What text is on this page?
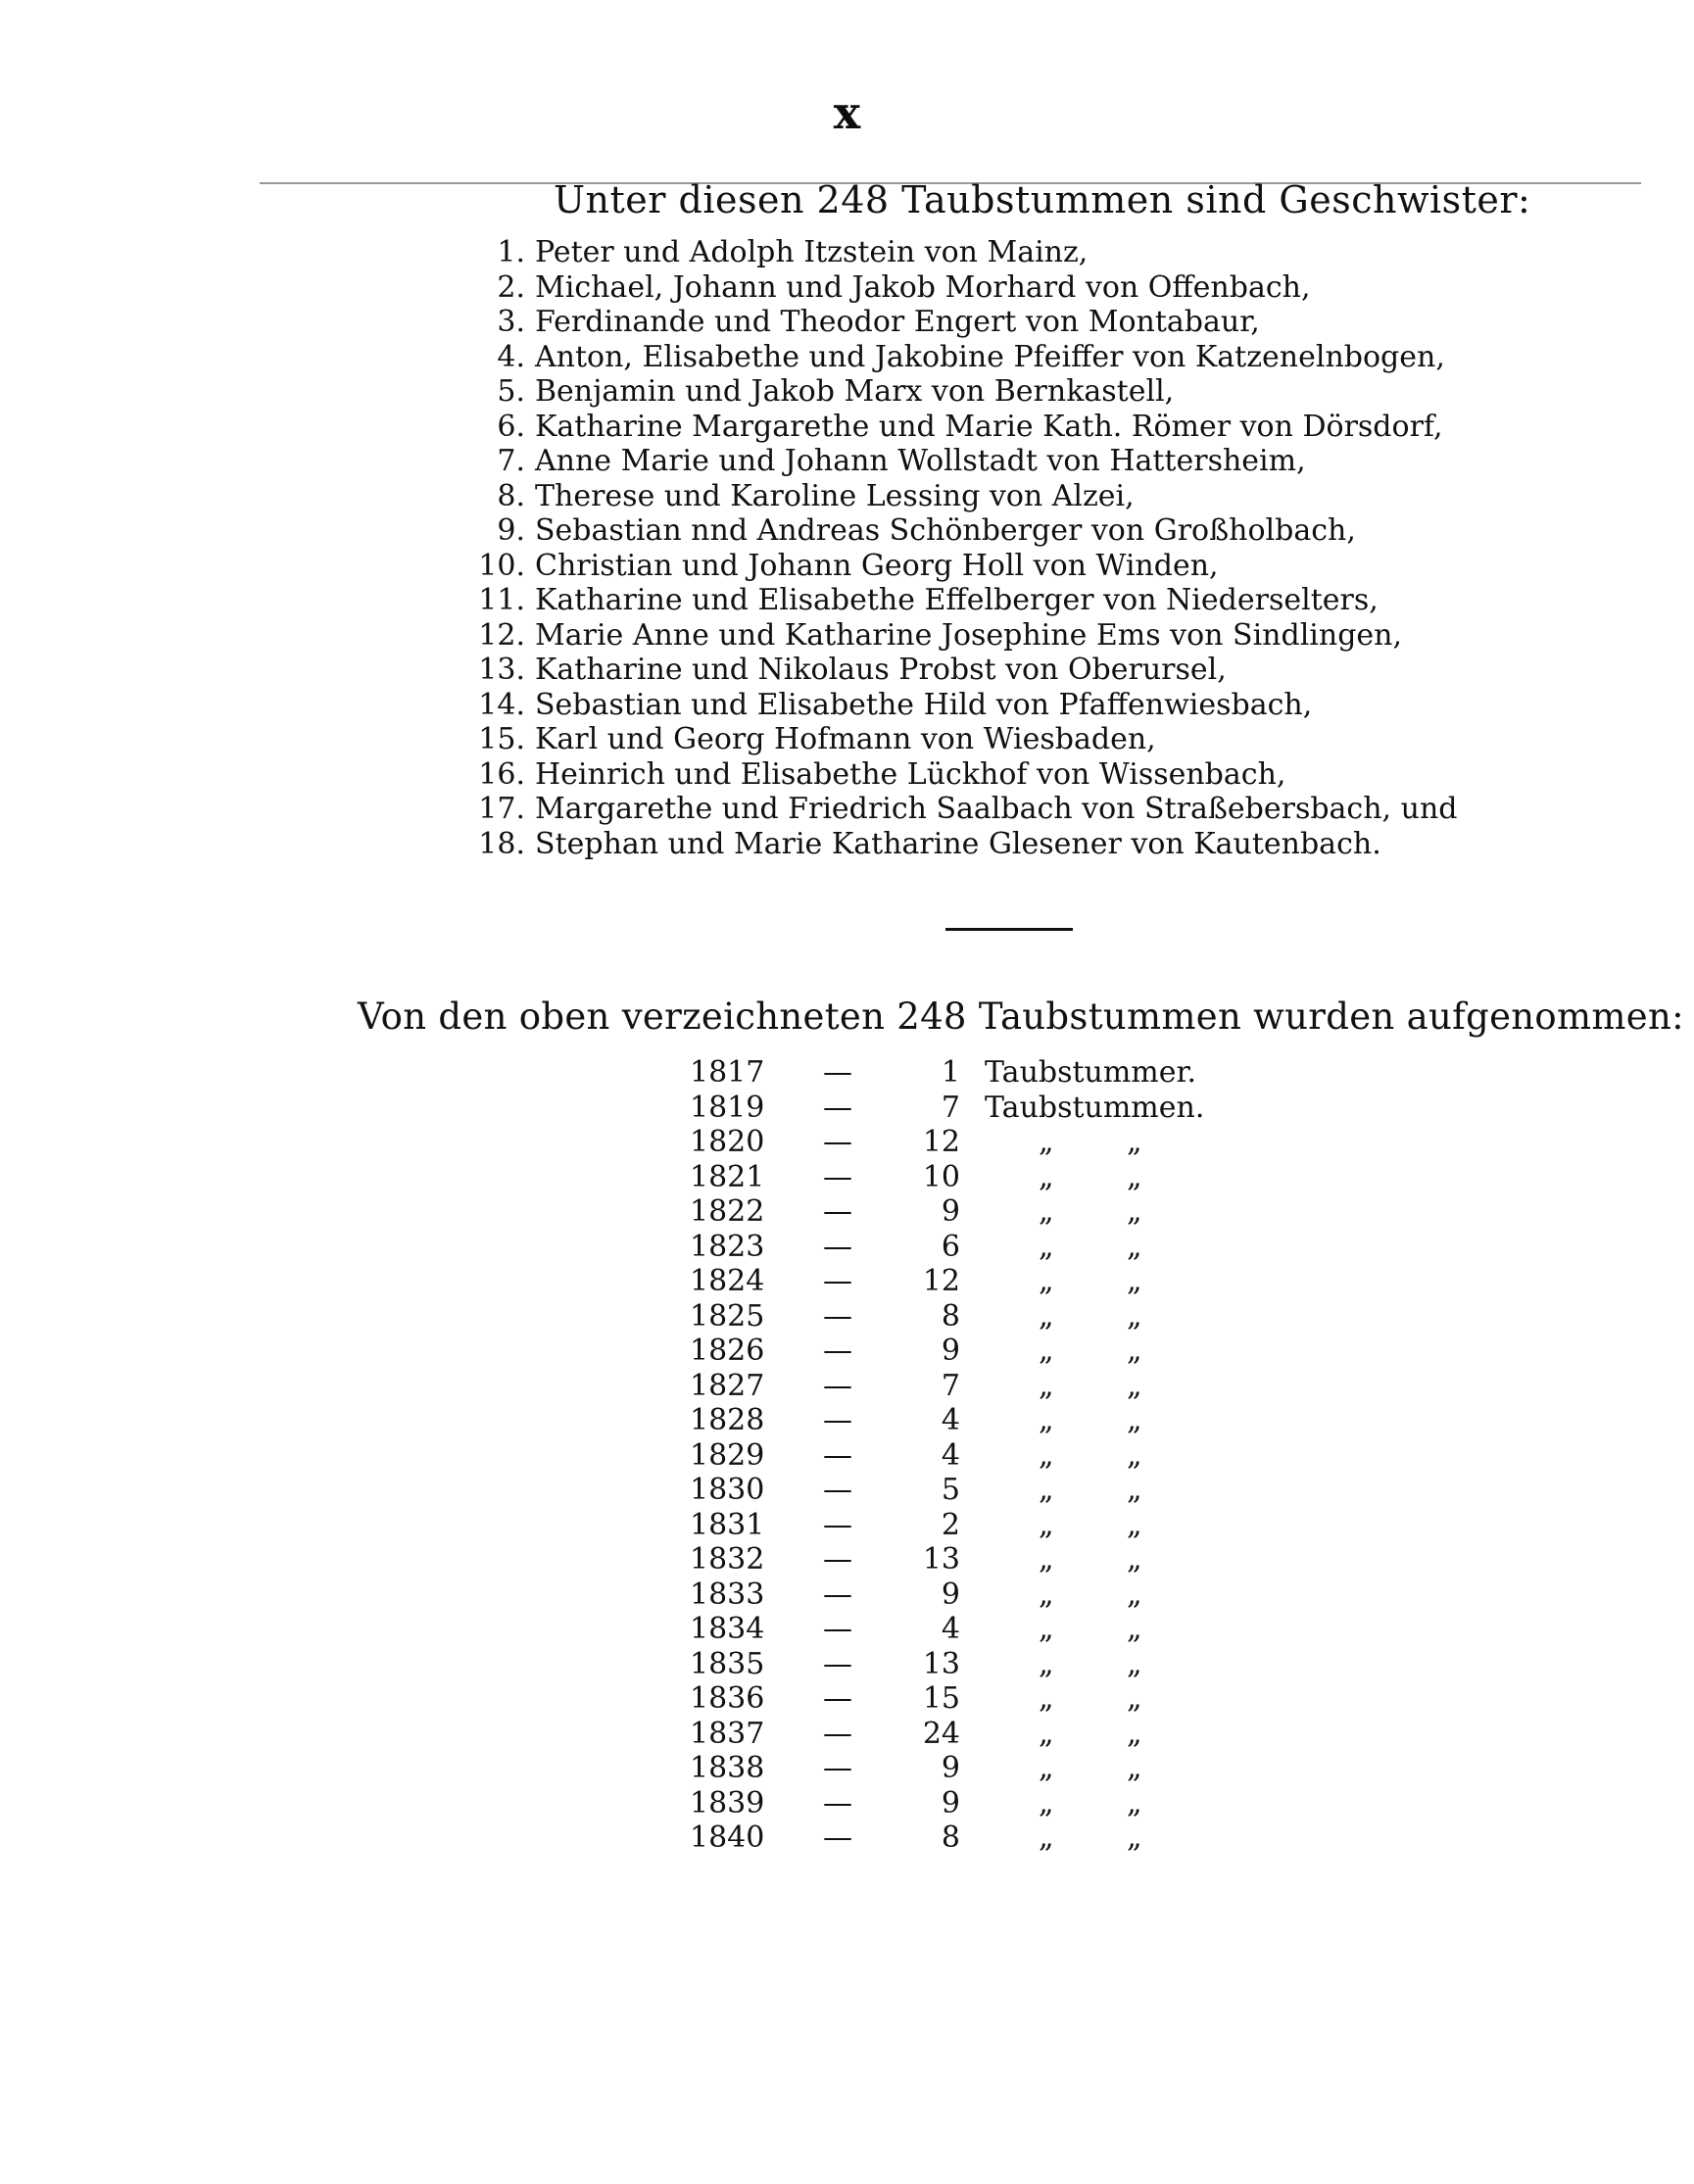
x
Unter diesen 248 Taubstummen sind Geschwister:
1. Peter und Adolph Itzstein von Mainz,
2. Michael, Johann und Jakob Morhard von Offenbach,
3. Ferdinande und Theodor Engert von Montabaur,
4. Anton, Elisabethe und Jakobine Pfeiffer von Katzenelnbogen,
5. Benjamin und Jakob Marx von Bernkastell,
6. Katharine Margarethe und Marie Kath. Römer von Dörsdorf,
7. Anne Marie und Johann Wollstadt von Hattersheim,
8. Therese und Karoline Lessing von Alzei,
9. Sebastian nnd Andreas Schönberger von Großholbach,
10. Christian und Johann Georg Holl von Winden,
11. Katharine und Elisabethe Effelberger von Niederselters,
12. Marie Anne und Katharine Josephine Ems von Sindlingen,
13. Katharine und Nikolaus Probst von Oberursel,
14. Sebastian und Elisabethe Hild von Pfaffenwiesbach,
15. Karl und Georg Hofmann von Wiesbaden,
16. Heinrich und Elisabethe Lückhof von Wissenbach,
17. Margarethe und Friedrich Saalbach von Straßebersbach, und
18. Stephan und Marie Katharine Glesener von Kautenbach.
Von den oben verzeichneten 248 Taubstummen wurden aufgenommen:
1817 —	1 Taubstummer.
1819 —	7 Taubstummen.
1820 —	12	„ „
1821 —	10	„ „
1822 —	9	„ „
1823 —	6	„ „
1824 —	12	„ „
1825 —	8	„ „
1826 —	9	„ „
1827 —	7	„ „
1828 —	4	„ „
1829 —	4	„ „
1830 —	5	„ „
1831 —	2	„ „
1832 —	13	„ „
1833 —	9	„ „
1834 —	4	„ „
1835 —	13	„ „
1836 —	15	„ „
1837 —	24	„ „
1838 —	9	„ „
1839 —	9	„ „
1840 —	8	„ „
